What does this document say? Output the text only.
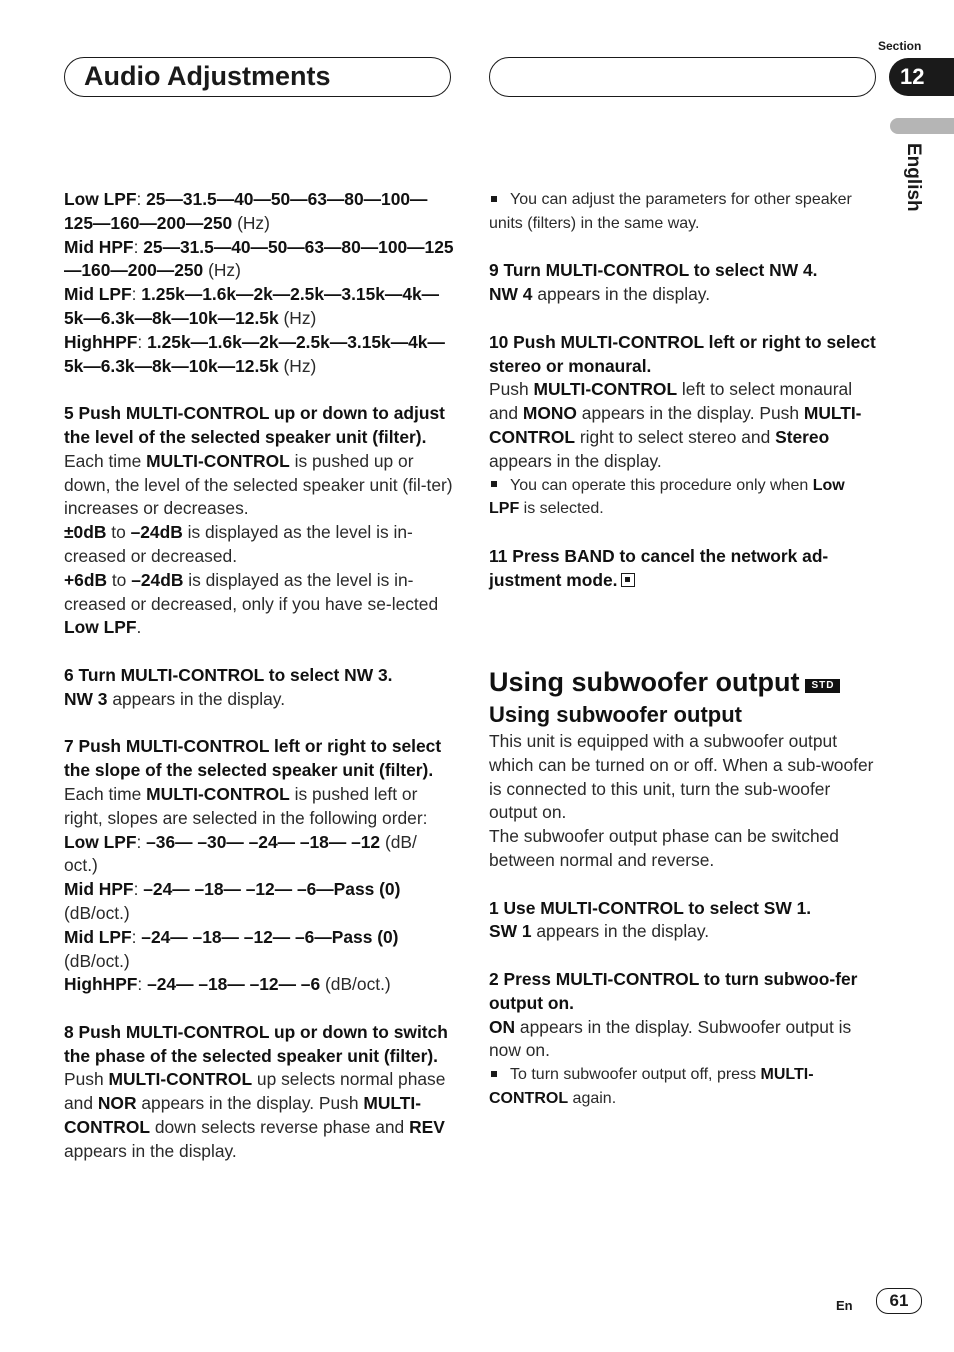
Audio Adjustments
Section
12
English

Low LPF: 25—31.5—40—50—63—80—100—125—160—200—250 (Hz)

Mid HPF: 25—31.5—40—50—63—80—100—125—160—200—250 (Hz)

Mid LPF: 1.25k—1.6k—2k—2.5k—3.15k—4k—5k—6.3k—8k—10k—12.5k (Hz)

HighHPF: 1.25k—1.6k—2k—2.5k—3.15k—4k—5k—6.3k—8k—10k—12.5k (Hz)

5 Push MULTI-CONTROL up or down to adjust the level of the selected speaker unit (filter).

Each time MULTI-CONTROL is pushed up or down, the level of the selected speaker unit (fil-ter) increases or decreases.

±0dB to –24dB is displayed as the level is in-creased or decreased.

+6dB to –24dB is displayed as the level is in-creased or decreased, only if you have se-lected Low LPF.

6 Turn MULTI-CONTROL to select NW 3.

NW 3 appears in the display.

7 Push MULTI-CONTROL left or right to select the slope of the selected speaker unit (filter).

Each time MULTI-CONTROL is pushed left or right, slopes are selected in the following order:

Low LPF: –36— –30— –24— –18— –12 (dB/ oct.)

Mid HPF: –24— –18— –12— –6—Pass (0) (dB/oct.)

Mid LPF: –24— –18— –12— –6—Pass (0) (dB/oct.)

HighHPF: –24— –18— –12— –6 (dB/oct.)

8 Push MULTI-CONTROL up or down to switch the phase of the selected speaker unit (filter).

Push MULTI-CONTROL up selects normal phase and NOR appears in the display. Push MULTI-CONTROL down selects reverse phase and REV appears in the display.

You can adjust the parameters for other speaker units (filters) in the same way.

9 Turn MULTI-CONTROL to select NW 4.

NW 4 appears in the display.

10 Push MULTI-CONTROL left or right to select stereo or monaural.

Push MULTI-CONTROL left to select monaural and MONO appears in the display. Push MULTI-CONTROL right to select stereo and Stereo appears in the display.

You can operate this procedure only when Low LPF is selected.

11 Press BAND to cancel the network ad-justment mode.

Using subwoofer output STD
Using subwoofer output

This unit is equipped with a subwoofer output which can be turned on or off. When a sub-woofer is connected to this unit, turn the sub-woofer output on.

The subwoofer output phase can be switched between normal and reverse.

1 Use MULTI-CONTROL to select SW 1.

SW 1 appears in the display.

2 Press MULTI-CONTROL to turn subwoo-fer output on.

ON appears in the display. Subwoofer output is now on.

To turn subwoofer output off, press MULTI-CONTROL again.

En	61
